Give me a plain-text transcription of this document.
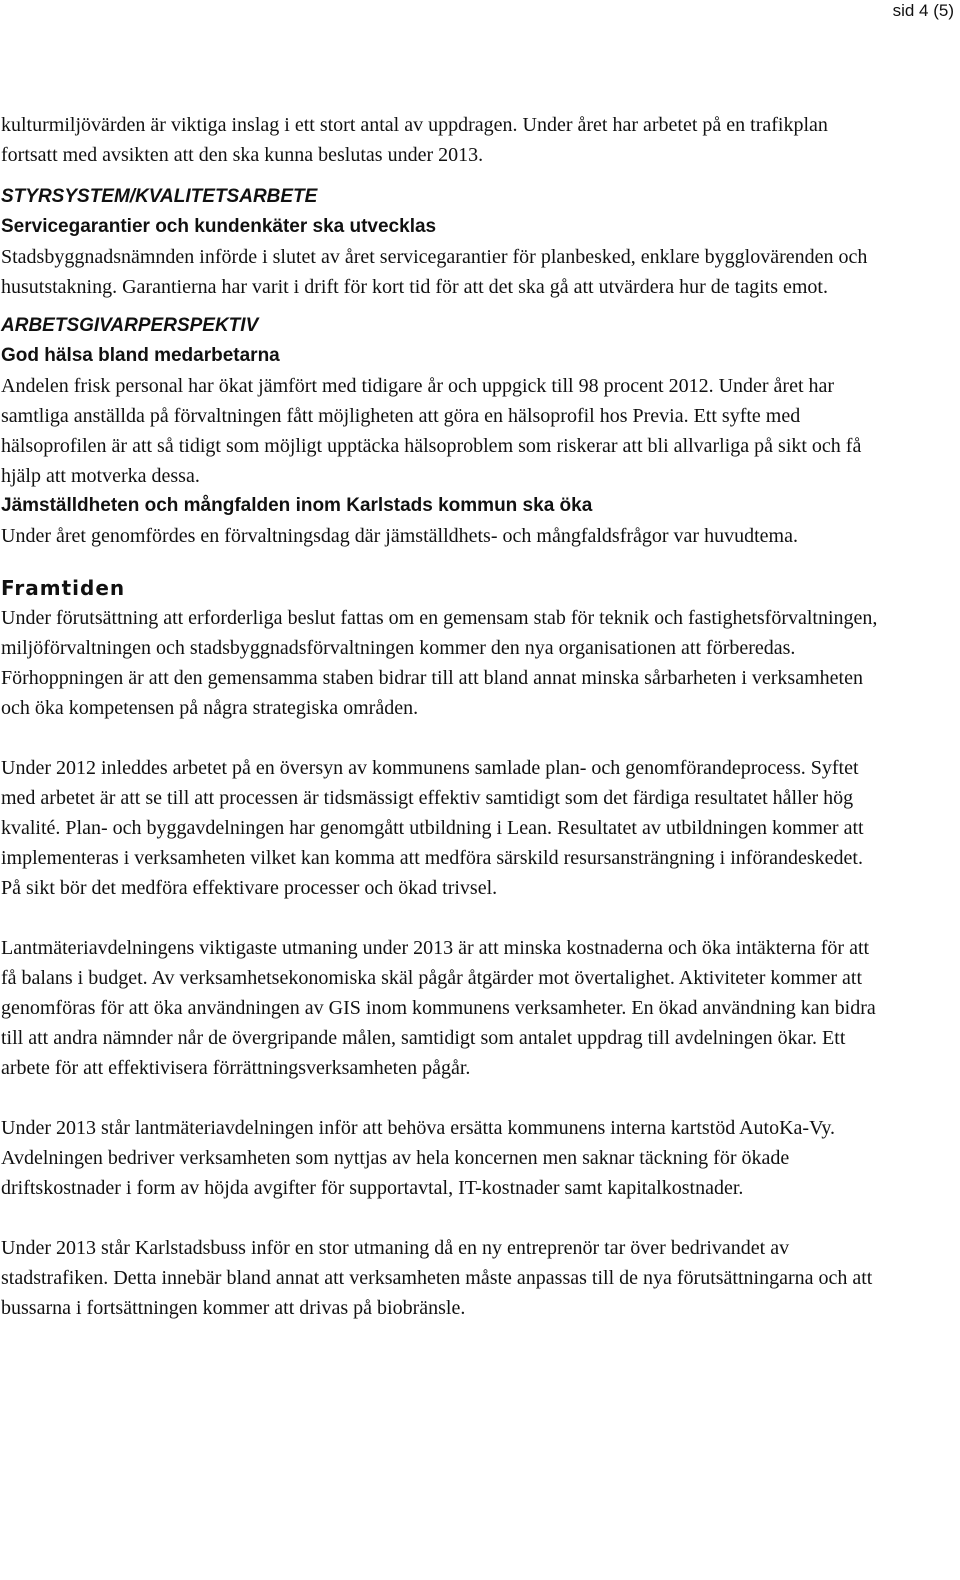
sid 4 (5)

kulturmiljövärden är viktiga inslag i ett stort antal av uppdragen. Under året har arbetet på en trafikplan fortsatt med avsikten att den ska kunna beslutas under 2013.

STYRSYSTEM/KVALITETSARBETE
Servicegarantier och kundenkäter ska utvecklas

Stadsbyggnadsnämnden införde i slutet av året servicegarantier för planbesked, enklare bygglovärenden och husutstakning. Garantierna har varit i drift för kort tid för att det ska gå att utvärdera hur de tagits emot.

ARBETSGIVARPERSPEKTIV
God hälsa bland medarbetarna

Andelen frisk personal har ökat jämfört med tidigare år och uppgick till 98 procent 2012. Under året har samtliga anställda på förvaltningen fått möjligheten att göra en hälsoprofil hos Previa. Ett syfte med hälsoprofilen är att så tidigt som möjligt upptäcka hälsoproblem som riskerar att bli allvarliga på sikt och få hjälp att motverka dessa.

Jämställdheten och mångfalden inom Karlstads kommun ska öka

Under året genomfördes en förvaltningsdag där jämställdhets- och mångfaldsfrågor var huvudtema.

Framtiden

Under förutsättning att erforderliga beslut fattas om en gemensam stab för teknik och fastighetsförvaltningen, miljöförvaltningen och stadsbyggnadsförvaltningen kommer den nya organisationen att förberedas. Förhoppningen är att den gemensamma staben bidrar till att bland annat minska sårbarheten i verksamheten och öka kompetensen på några strategiska områden.

Under 2012 inleddes arbetet på en översyn av kommunens samlade plan- och genomförandeprocess. Syftet med arbetet är att se till att processen är tidsmässigt effektiv samtidigt som det färdiga resultatet håller hög kvalité. Plan- och byggavdelningen har genomgått utbildning i Lean. Resultatet av utbildningen kommer att implementeras i verksamheten vilket kan komma att medföra särskild resursansträngning i införandeskedet. På sikt bör det medföra effektivare processer och ökad trivsel.

Lantmäteriavdelningens viktigaste utmaning under 2013 är att minska kostnaderna och öka intäkterna för att få balans i budget. Av verksamhetsekonomiska skäl pågår åtgärder mot övertalighet. Aktiviteter kommer att genomföras för att öka användningen av GIS inom kommunens verksamheter. En ökad användning kan bidra till att andra nämnder når de övergripande målen, samtidigt som antalet uppdrag till avdelningen ökar. Ett arbete för att effektivisera förrättningsverksamheten pågår.

Under 2013 står lantmäteriavdelningen inför att behöva ersätta kommunens interna kartstöd AutoKa-Vy. Avdelningen bedriver verksamheten som nyttjas av hela koncernen men saknar täckning för ökade driftskostnader i form av höjda avgifter för supportavtal, IT-kostnader samt kapitalkostnader.

Under 2013 står Karlstadsbuss inför en stor utmaning då en ny entreprenör tar över bedrivandet av stadstrafiken. Detta innebär bland annat att verksamheten måste anpassas till de nya förutsättningarna och att bussarna i fortsättningen kommer att drivas på biobränsle.
